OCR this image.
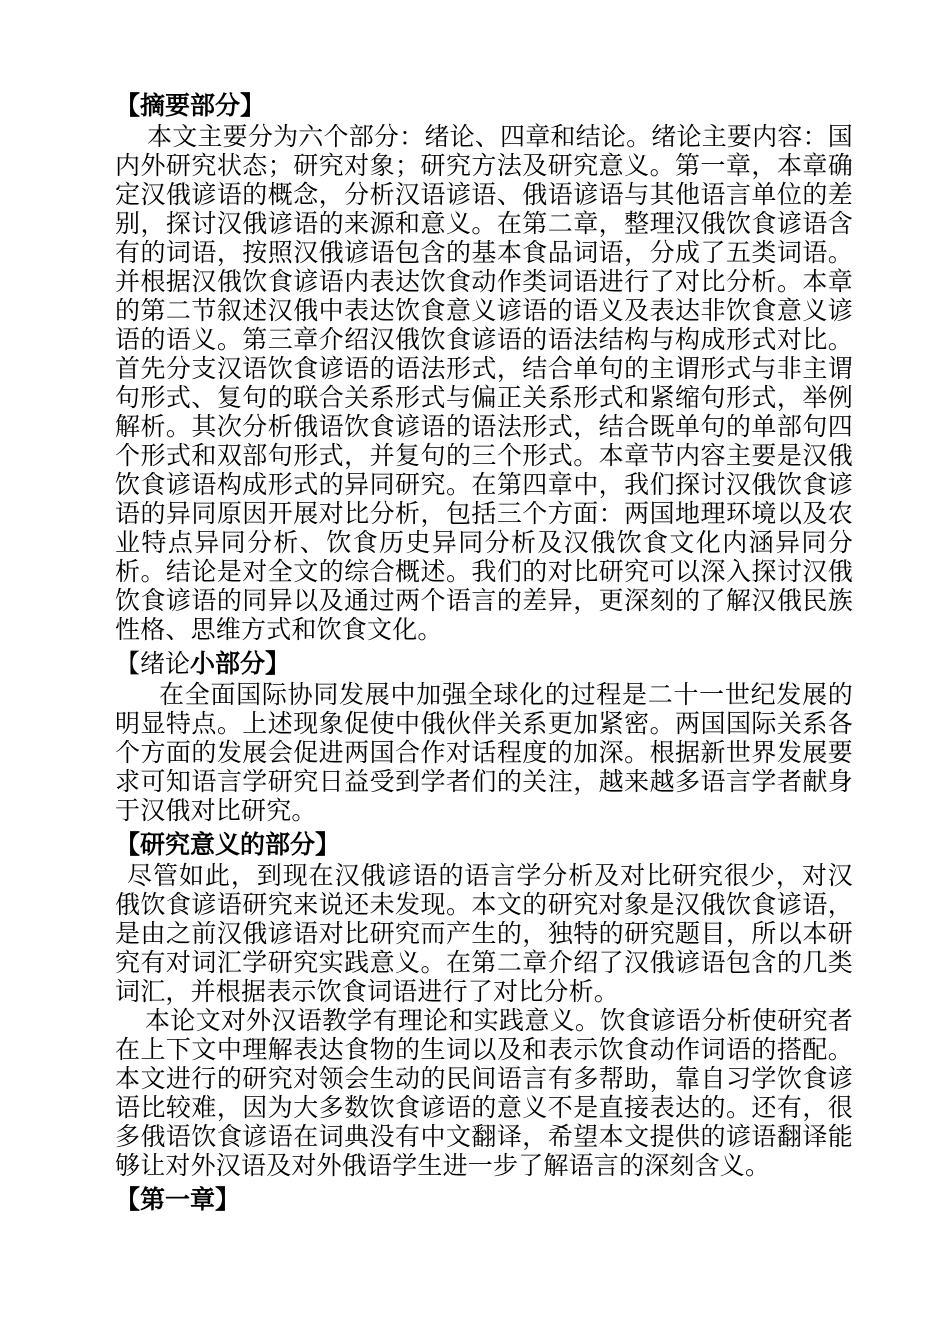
【摘要部分】

本文主要分为六个部分：绪论、四章和结论。绪论主要内容：国内外研究状态；研究对象；研究方法及研究意义。第一章，本章确定汉俄谚语的概念，分析汉语谚语、俄语谚语与其他语言单位的差别，探讨汉俄谚语的来源和意义。在第二章，整理汉俄饮食谚语含有的词语，按照汉俄谚语包含的基本食品词语，分成了五类词语。并根据汉俄饮食谚语内表达饮食动作类词语进行了对比分析。本章的第二节叙述汉俄中表达饮食意义谚语的语义及表达非饮食意义谚语的语义。第三章介绍汉俄饮食谚语的语法结构与构成形式对比。首先分支汉语饮食谚语的语法形式，结合单句的主谓形式与非主谓句形式、复句的联合关系形式与偏正关系形式和紧缩句形式，举例解析。其次分析俄语饮食谚语的语法形式，结合既单句的单部句四个形式和双部句形式，并复句的三个形式。本章节内容主要是汉俄饮食谚语构成形式的异同研究。在第四章中，我们探讨汉俄饮食谚语的异同原因开展对比分析，包括三个方面：两国地理环境以及农业特点异同分析、饮食历史异同分析及汉俄饮食文化内涵异同分析。结论是对全文的综合概述。我们的对比研究可以深入探讨汉俄饮食谚语的同异以及通过两个语言的差异，更深刻的了解汉俄民族性格、思维方式和饮食文化。

【绪论小部分】

在全面国际协同发展中加强全球化的过程是二十一世纪发展的明显特点。上述现象促使中俄伙伴关系更加紧密。两国国际关系各个方面的发展会促进两国合作对话程度的加深。根据新世界发展要求可知语言学研究日益受到学者们的关注，越来越多语言学者献身于汉俄对比研究。

【研究意义的部分】

尽管如此，到现在汉俄谚语的语言学分析及对比研究很少，对汉俄饮食谚语研究来说还未发现。本文的研究对象是汉俄饮食谚语，是由之前汉俄谚语对比研究而产生的，独特的研究题目，所以本研究有对词汇学研究实践意义。在第二章介绍了汉俄谚语包含的几类词汇，并根据表示饮食词语进行了对比分析。

本论文对外汉语教学有理论和实践意义。饮食谚语分析使研究者在上下文中理解表达食物的生词以及和表示饮食动作词语的搭配。本文进行的研究对领会生动的民间语言有多帮助，靠自习学饮食谚语比较难，因为大多数饮食谚语的意义不是直接表达的。还有，很多俄语饮食谚语在词典没有中文翻译，希望本文提供的谚语翻译能够让对外汉语及对外俄语学生进一步了解语言的深刻含义。

【第一章】
